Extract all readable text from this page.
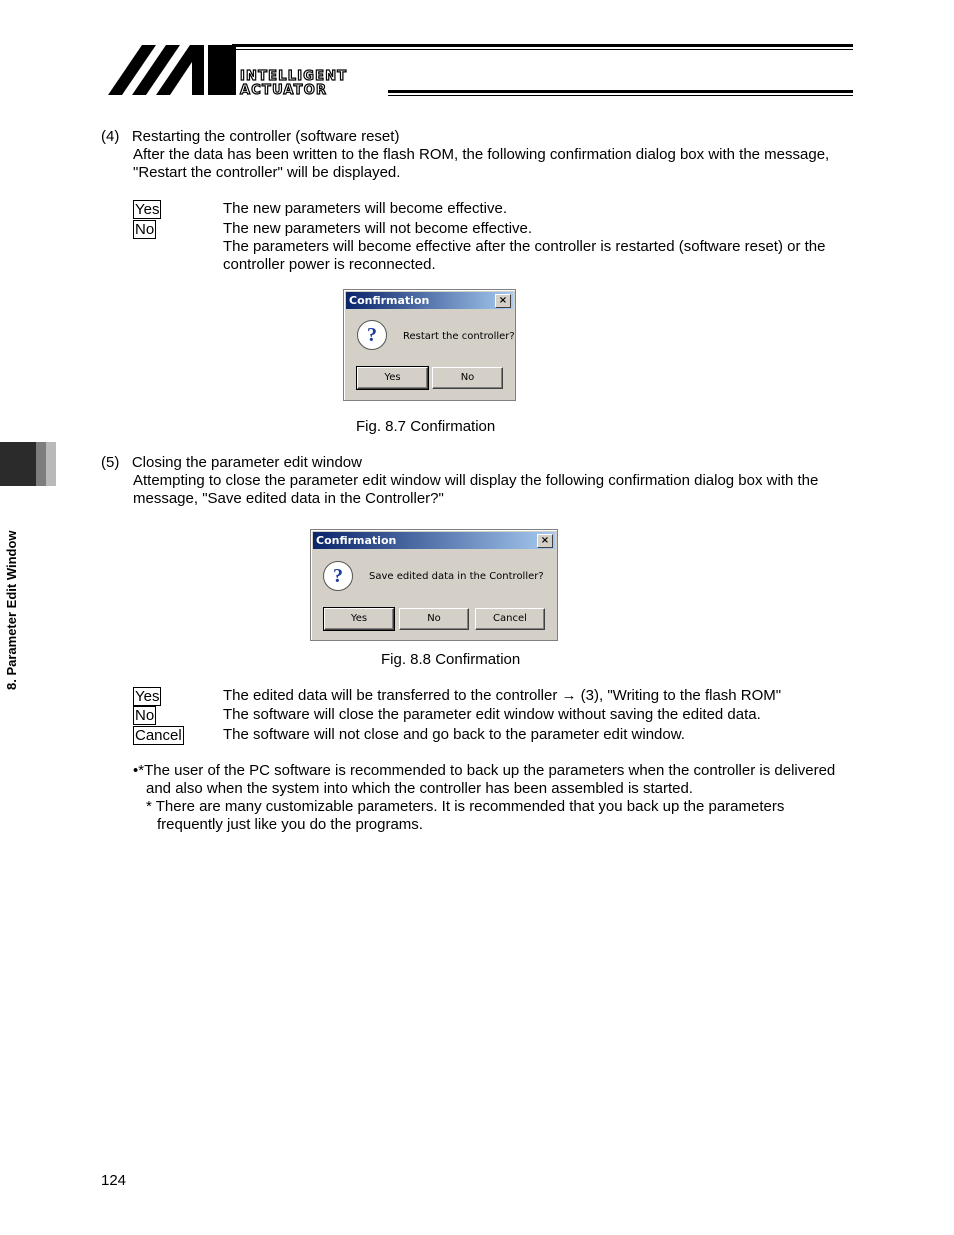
INTELLIGENT
ACTUATOR
8. Parameter Edit Window
(4)   Restarting the controller (software reset)
After the data has been written to the flash ROM, the following confirmation dialog box with the message,
"Restart the controller" will be displayed.
Yes	The new parameters will become effective.
No	The new parameters will not become effective.
The parameters will become effective after the controller is restarted (software reset) or the
controller power is reconnected.
Confirmation	×
?	Restart the controller?
Yes	No
Fig. 8.7 Confirmation
(5)   Closing the parameter edit window
Attempting to close the parameter edit window will display the following confirmation dialog box with the
message, "Save edited data in the Controller?"
Confirmation	×
?	Save edited data in the Controller?
Yes	No	Cancel
Fig. 8.8 Confirmation
Yes	The edited data will be transferred to the controller → (3), "Writing to the flash ROM"
No	The software will close the parameter edit window without saving the edited data.
Cancel	The software will not close and go back to the parameter edit window.
•*The user of the PC software is recommended to back up the parameters when the controller is delivered
and also when the system into which the controller has been assembled is started.
* There are many customizable parameters. It is recommended that you back up the parameters
frequently just like you do the programs.
124
